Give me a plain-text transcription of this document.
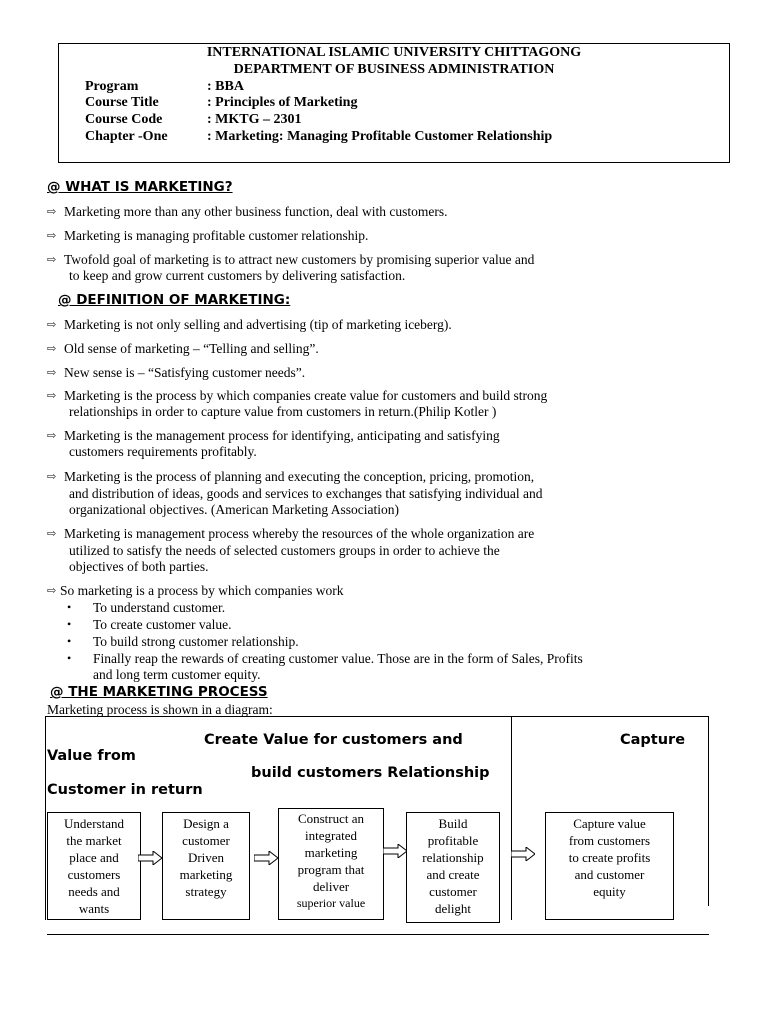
INTERNATIONAL ISLAMIC UNIVERSITY CHITTAGONG
DEPARTMENT OF BUSINESS ADMINISTRATION
Program	: BBA
Course Title	: Principles of Marketing
Course Code	: MKTG – 2301
Chapter -One	: Marketing: Managing Profitable Customer Relationship
@ WHAT IS MARKETING?
⇨ Marketing more than any other business function, deal with customers.
⇨ Marketing is managing profitable customer relationship.
⇨ Twofold goal of marketing is to attract new customers by promising superior value and
to keep and grow current customers by delivering satisfaction.
@ DEFINITION OF MARKETING:
⇨ Marketing is not only selling and advertising (tip of marketing iceberg).
⇨ Old sense of marketing – “Telling and selling”.
⇨ New sense is – “Satisfying customer needs”.
⇨ Marketing is the process by which companies create value for customers and build strong
relationships in order to capture value from customers in return.(Philip Kotler )
⇨ Marketing is the management process for identifying, anticipating and satisfying
customers requirements profitably.
⇨ Marketing is the process of planning and executing the conception, pricing, promotion,
and distribution of ideas, goods and services to exchanges that satisfying individual and
organizational objectives. (American Marketing Association)
⇨ Marketing is management process whereby the resources of the whole organization are
utilized to satisfy the needs of selected customers groups in order to achieve the
objectives of both parties.
⇨ So marketing is a process by which companies work
• To understand customer.
• To create customer value.
• To build strong customer relationship.
• Finally reap the rewards of creating customer value. Those are in the form of Sales, Profits
and long term customer equity.
@ THE MARKETING PROCESS
Marketing process is shown in a diagram:
Create Value for customers and	Capture
Value from
build customers Relationship
Customer in return
Understand
the market
place and
customers
needs and
wants
Design a
customer
Driven
marketing
strategy
Construct an
integrated
marketing
program that
deliver
superior value
Build
profitable
relationship
and create
customer
delight
Capture value
from customers
to create profits
and customer
equity
